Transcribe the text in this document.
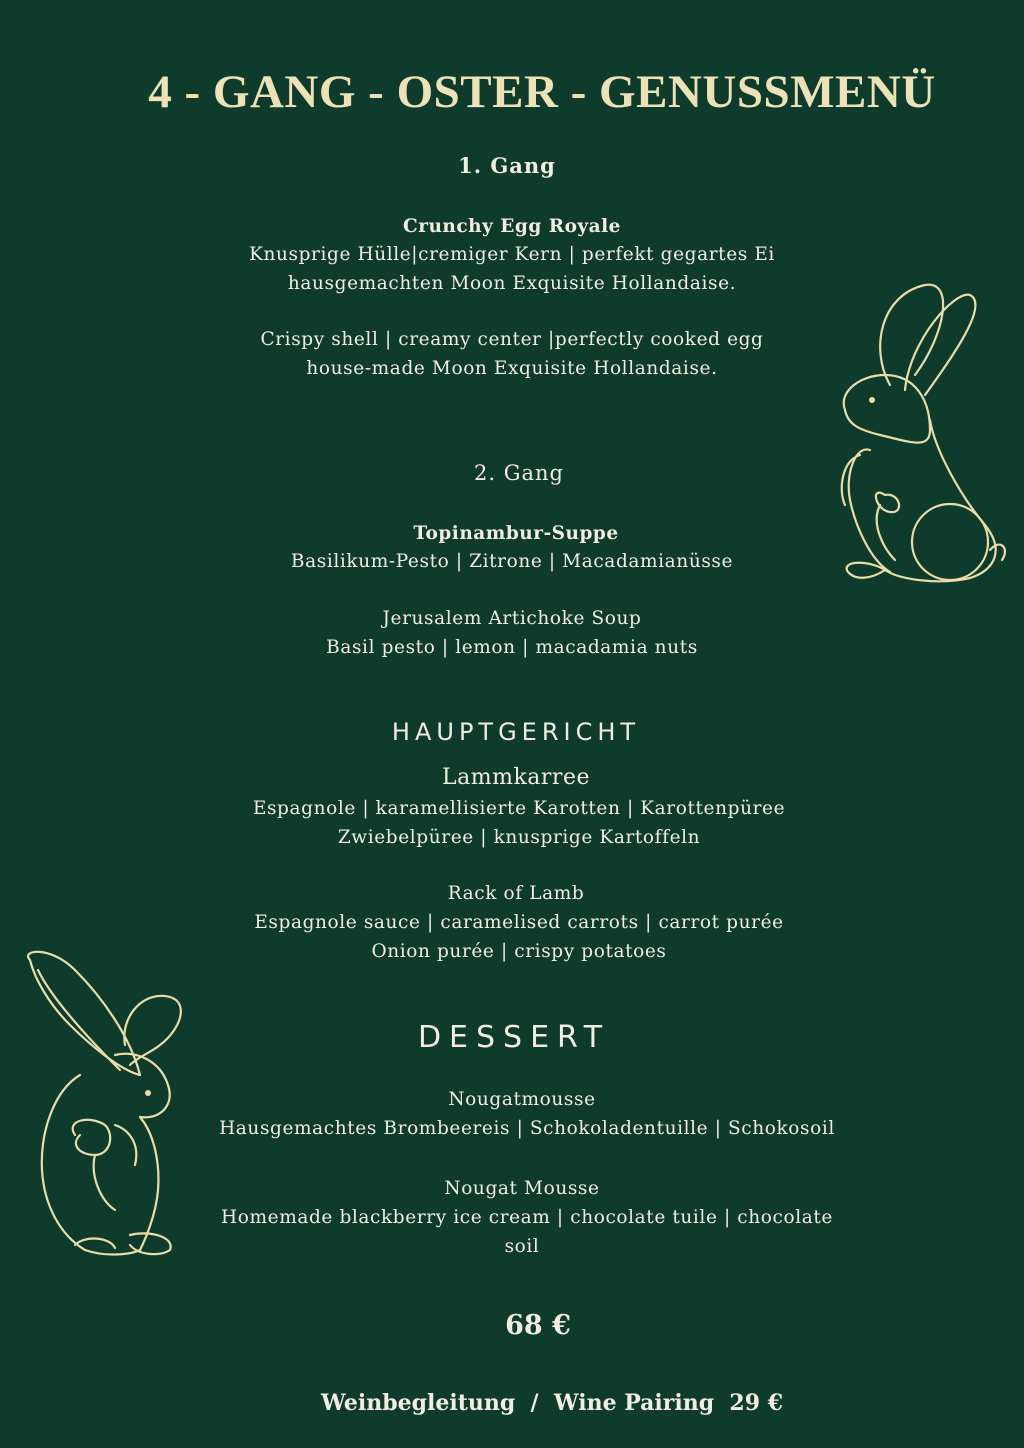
4 - GANG - OSTER - GENUSSMENÜ
1. Gang
Crunchy Egg Royale
Knusprige Hülle|cremiger Kern | perfekt gegartes Ei
hausgemachten Moon Exquisite Hollandaise.
Crispy shell | creamy center |perfectly cooked egg
house-made Moon Exquisite Hollandaise.
2. Gang
Topinambur-Suppe
Basilikum-Pesto | Zitrone | Macadamianüsse
Jerusalem Artichoke Soup
Basil pesto | lemon | macadamia nuts
HAUPTGERICHT
Lammkarree
Espagnole | karamellisierte Karotten | Karottenpüree
Zwiebelpüree | knusprige Kartoffeln
Rack of Lamb
Espagnole sauce | caramelised carrots | carrot purée
Onion purée | crispy potatoes
DESSERT
Nougatmousse
Hausgemachtes Brombeereis | Schokoladentuille | Schokosoil
Nougat Mousse
Homemade blackberry ice cream | chocolate tuile | chocolate
soil
68 €
Weinbegleitung  /  Wine Pairing  29 €
